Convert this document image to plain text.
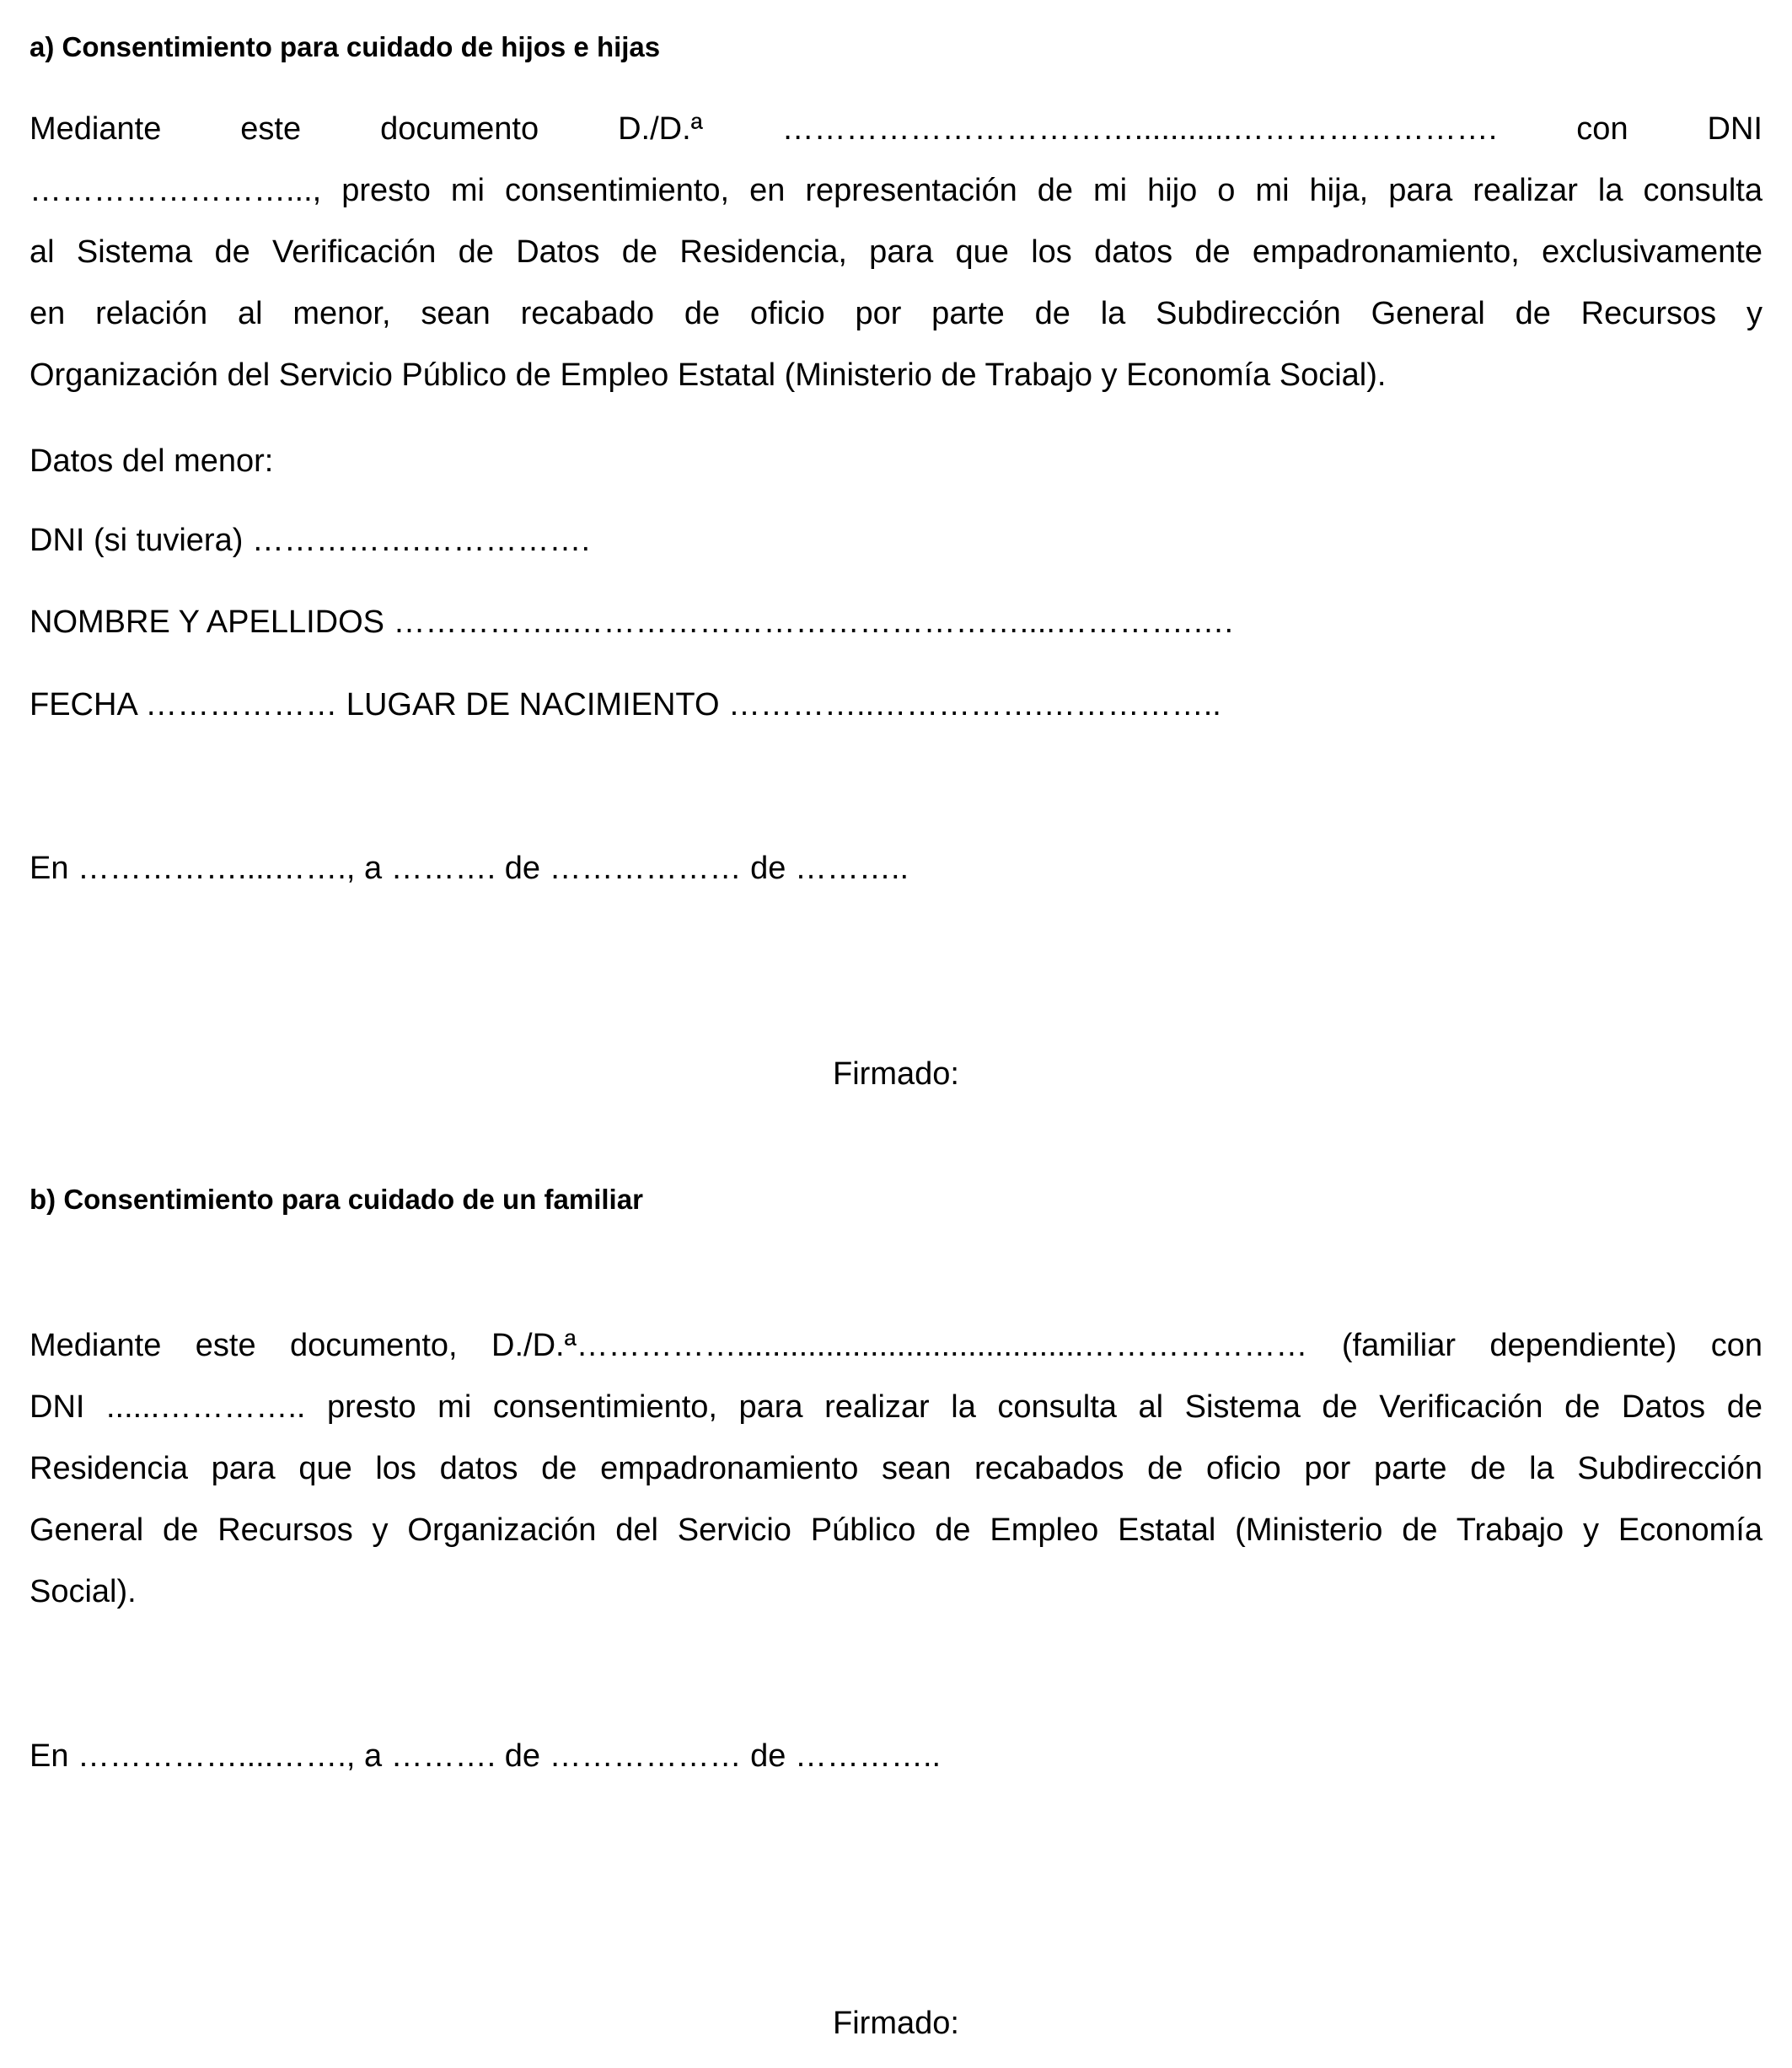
a) Consentimiento para cuidado de hijos e hijas
Mediante este documento D./D.ª ……………………………...........……………………. con DNI
……………………..., presto mi consentimiento, en representación de mi hijo o mi hija, para realizar la consulta
al Sistema de Verificación de Datos de Residencia, para que los datos de empadronamiento, exclusivamente
en relación al menor, sean recabado de oficio por parte de la Subdirección General de Recursos y
Organización del Servicio Público de Empleo Estatal (Ministerio de Trabajo y Economía Social).
Datos del menor:
DNI (si tuviera) …………….…………….
NOMBRE Y APELLIDOS ……………..……………………………………....………….….
FECHA ……………… LUGAR DE NACIMIENTO …………..…………….……………..
En ……………....……., a ………. de ……………… de ………..
Firmado:
b) Consentimiento para cuidado de un familiar
Mediante este documento, D./D.ª…………….......................................………………… (familiar dependiente) con
DNI ......………….. presto mi consentimiento, para realizar la consulta al Sistema de Verificación de Datos de
Residencia para que los datos de empadronamiento sean recabados de oficio por parte de la Subdirección
General de Recursos y Organización del Servicio Público de Empleo Estatal (Ministerio de Trabajo y Economía
Social).
En ……………....……., a ………. de ……………… de …………..
Firmado:
